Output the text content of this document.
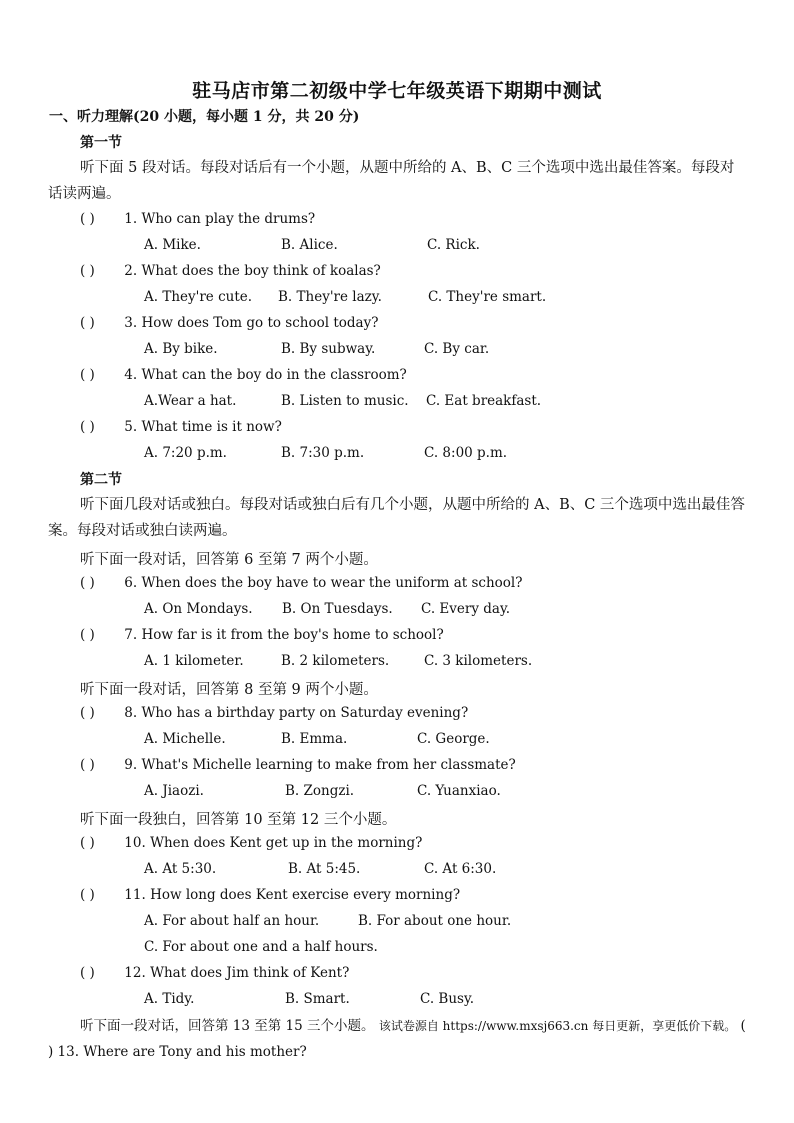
驻马店市第二初级中学七年级英语下期期中测试
一、听力理解(20 小题，每小题 1 分，共 20 分)
第一节
听下面 5 段对话。每段对话后有一个小题，从题中所给的 A、B、C 三个选项中选出最佳答案。每段对话读两遍。
( ) 1. Who can play the drums?
A. Mike.	B. Alice.	C. Rick.
( ) 2. What does the boy think of koalas?
A. They're cute. B. They're lazy.	C. They're smart.
( ) 3. How does Tom go to school today?
A. By bike.	B. By subway.	C. By car.
( ) 4. What can the boy do in the classroom?
A.Wear a hat.	B. Listen to music. C. Eat breakfast.
( ) 5. What time is it now?
A. 7:20 p.m.	B. 7:30 p.m.	C. 8:00 p.m.
第二节
听下面几段对话或独白。每段对话或独白后有几个小题，从题中所给的 A、B、C 三个选项中选出最佳答案。每段对话或独白读两遍。
听下面一段对话，回答第 6 至第 7 两个小题。
( ) 6. When does the boy have to wear the uniform at school?
A. On Mondays. B. On Tuesdays. C. Every day.
( ) 7. How far is it from the boy's home to school?
A. 1 kilometer.	B. 2 kilometers.	C. 3 kilometers.
听下面一段对话，回答第 8 至第 9 两个小题。
( ) 8. Who has a birthday party on Saturday evening?
A. Michelle.	B. Emma.	C. George.
( ) 9. What's Michelle learning to make from her classmate?
A. Jiaozi.	B. Zongzi.	C. Yuanxiao.
听下面一段独白，回答第 10 至第 12 三个小题。
( ) 10. When does Kent get up in the morning?
A. At 5:30.	B. At 5:45.	C. At 6:30.
( ) 11. How long does Kent exercise every morning?
A. For about half an hour.	B. For about one hour.
C. For about one and a half hours.
( ) 12. What does Jim think of Kent?
A. Tidy.	B. Smart.	C. Busy.
听下面一段对话，回答第 13 至第 15 三个小题。 该试卷源自 https://www.mxsj663.cn 每日更新，享更低价下载。 ( ) 13. Where are Tony and his mother?
